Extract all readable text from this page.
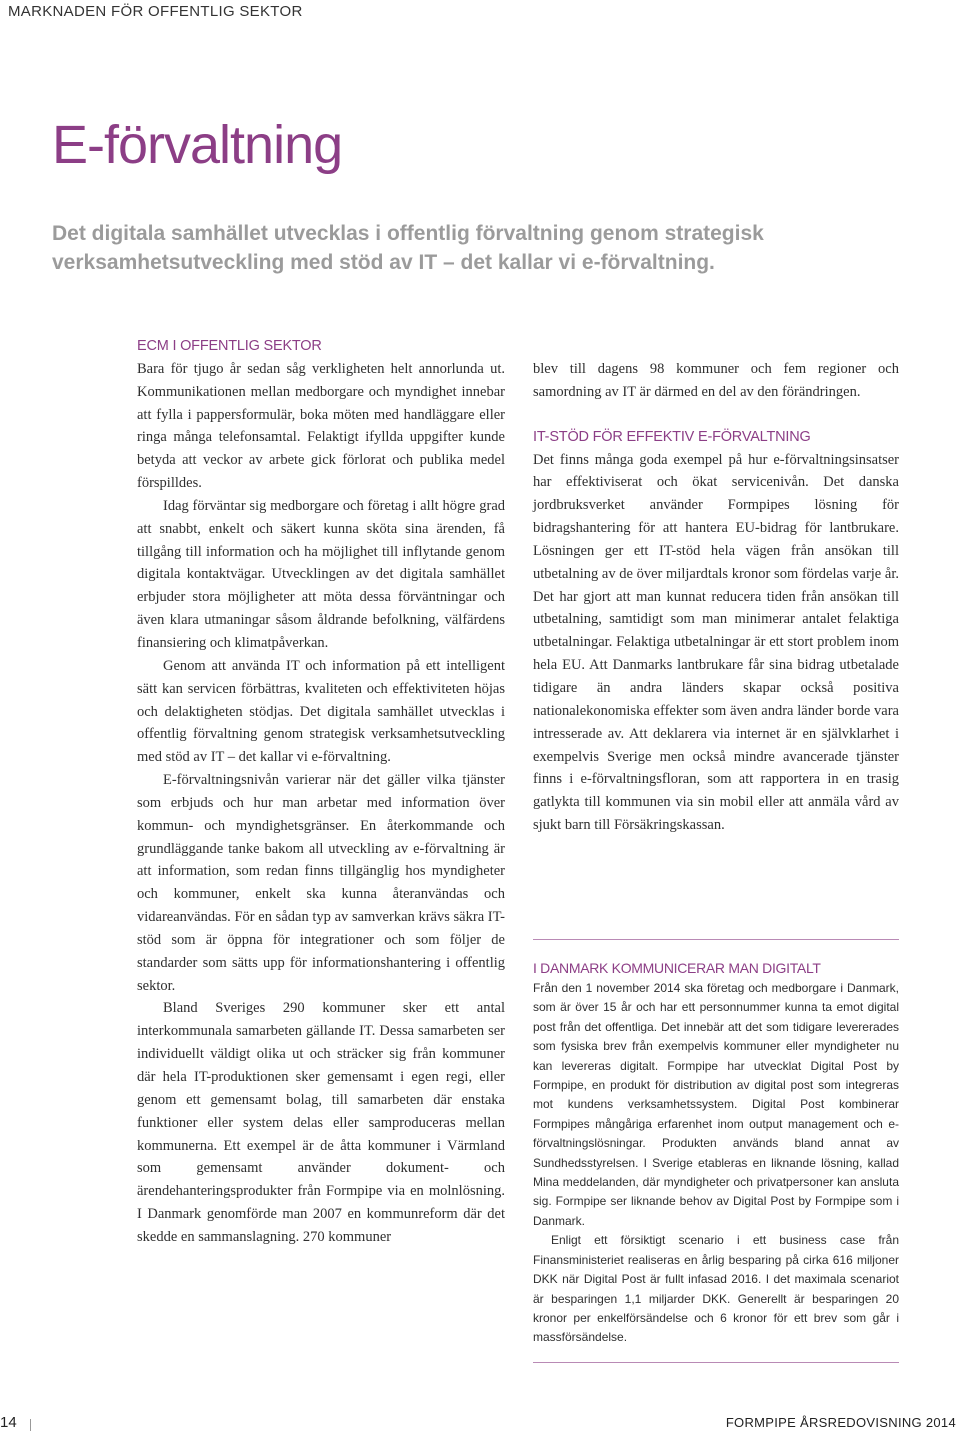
MARKNADEN FÖR OFFENTLIG SEKTOR
E-förvaltning
Det digitala samhället utvecklas i offentlig förvaltning genom strategisk
verksamhetsutveckling med stöd av IT – det kallar vi e-förvaltning.
ECM I OFFENTLIG SEKTOR

Bara för tjugo år sedan såg verkligheten helt annorlunda ut. Kommunikationen mellan medborgare och myndighet innebar att fylla i pappersformulär, boka möten med handläggare eller ringa många telefonsamtal. Felaktigt ifyllda uppgifter kunde betyda att veckor av arbete gick förlorat och publika medel förspilldes.

Idag förväntar sig medborgare och företag i allt högre grad att snabbt, enkelt och säkert kunna sköta sina ärenden, få tillgång till information och ha möjlighet till inflytande genom digitala kontaktvägar. Utvecklingen av det digitala samhället erbjuder stora möjligheter att möta dessa förväntningar och även klara utmaningar såsom åldrande befolkning, välfärdens finansiering och klimatpåverkan.

Genom att använda IT och information på ett intelligent sätt kan servicen förbättras, kvaliteten och effektiviteten höjas och delaktigheten stödjas. Det digitala samhället utvecklas i offentlig förvaltning genom strategisk verksamhetsutveckling med stöd av IT – det kallar vi e-förvaltning.

E-förvaltningsnivån varierar när det gäller vilka tjänster som erbjuds och hur man arbetar med information över kommun- och myndighetsgränser. En återkommande och grundläggande tanke bakom all utveckling av e-förvaltning är att information, som redan finns tillgänglig hos myndigheter och kommuner, enkelt ska kunna återanvändas och vidareanvändas. För en sådan typ av samverkan krävs säkra IT-stöd som är öppna för integrationer och som följer de standarder som sätts upp för informationshantering i offentlig sektor.

Bland Sveriges 290 kommuner sker ett antal interkommunala samarbeten gällande IT. Dessa samarbeten ser individuellt väldigt olika ut och sträcker sig från kommuner där hela IT-produktionen sker gemensamt i egen regi, eller genom ett gemensamt bolag, till samarbeten där enstaka funktioner eller system delas eller samproduceras mellan kommunerna. Ett exempel är de åtta kommuner i Värmland som gemensamt använder dokument- och ärendehanteringsprodukter från Formpipe via en molnlösning. I Danmark genomförde man 2007 en kommunreform där det skedde en sammanslagning. 270 kommuner

blev till dagens 98 kommuner och fem regioner och samordning av IT är därmed en del av den förändringen.

IT-STÖD FÖR EFFEKTIV E-FÖRVALTNING

Det finns många goda exempel på hur e-förvaltningsinsatser har effektiviserat och ökat servicenivån. Det danska jordbruksverket använder Formpipes lösning för bidragshantering för att hantera EU-bidrag för lantbrukare. Lösningen ger ett IT-stöd hela vägen från ansökan till utbetalning av de över miljardtals kronor som fördelas varje år. Det har gjort att man kunnat reducera tiden från ansökan till utbetalning, samtidigt som man minimerar antalet felaktiga utbetalningar. Felaktiga utbetalningar är ett stort problem inom hela EU. Att Danmarks lantbrukare får sina bidrag utbetalade tidigare än andra länders skapar också positiva nationalekonomiska effekter som även andra länder borde vara intresserade av. Att deklarera via internet är en självklarhet i exempelvis Sverige men också mindre avancerade tjänster finns i e-förvaltningsfloran, som att rapportera in en trasig gatlykta till kommunen via sin mobil eller att anmäla vård av sjukt barn till Försäkringskassan.

I DANMARK KOMMUNICERAR MAN DIGITALT

Från den 1 november 2014 ska företag och medborgare i Danmark, som är över 15 år och har ett personnummer kunna ta emot digital post från det offentliga. Det innebär att det som tidigare levererades som fysiska brev från exempelvis kommuner eller myndigheter nu kan levereras digitalt. Formpipe har utvecklat Digital Post by Formpipe, en produkt för distribution av digital post som integreras mot kundens verksamhetssystem. Digital Post kombinerar Formpipes mångåriga erfarenhet inom output management och e-förvaltningslösningar. Produkten används bland annat av Sundhedsstyrelsen. I Sverige etableras en liknande lösning, kallad Mina meddelanden, där myndigheter och privatpersoner kan ansluta sig. Formpipe ser liknande behov av Digital Post by Formpipe som i Danmark.

Enligt ett försiktigt scenario i ett business case från Finansministeriet realiseras en årlig besparing på cirka 616 miljoner DKK när Digital Post är fullt infasad 2016. I det maximala scenariot är besparingen 1,1 miljarder DKK. Generellt är besparingen 20 kronor per enkelförsändelse och 6 kronor för ett brev som går i massförsändelse.

14	FORMPIPE ÅRSREDOVISNING 2014
